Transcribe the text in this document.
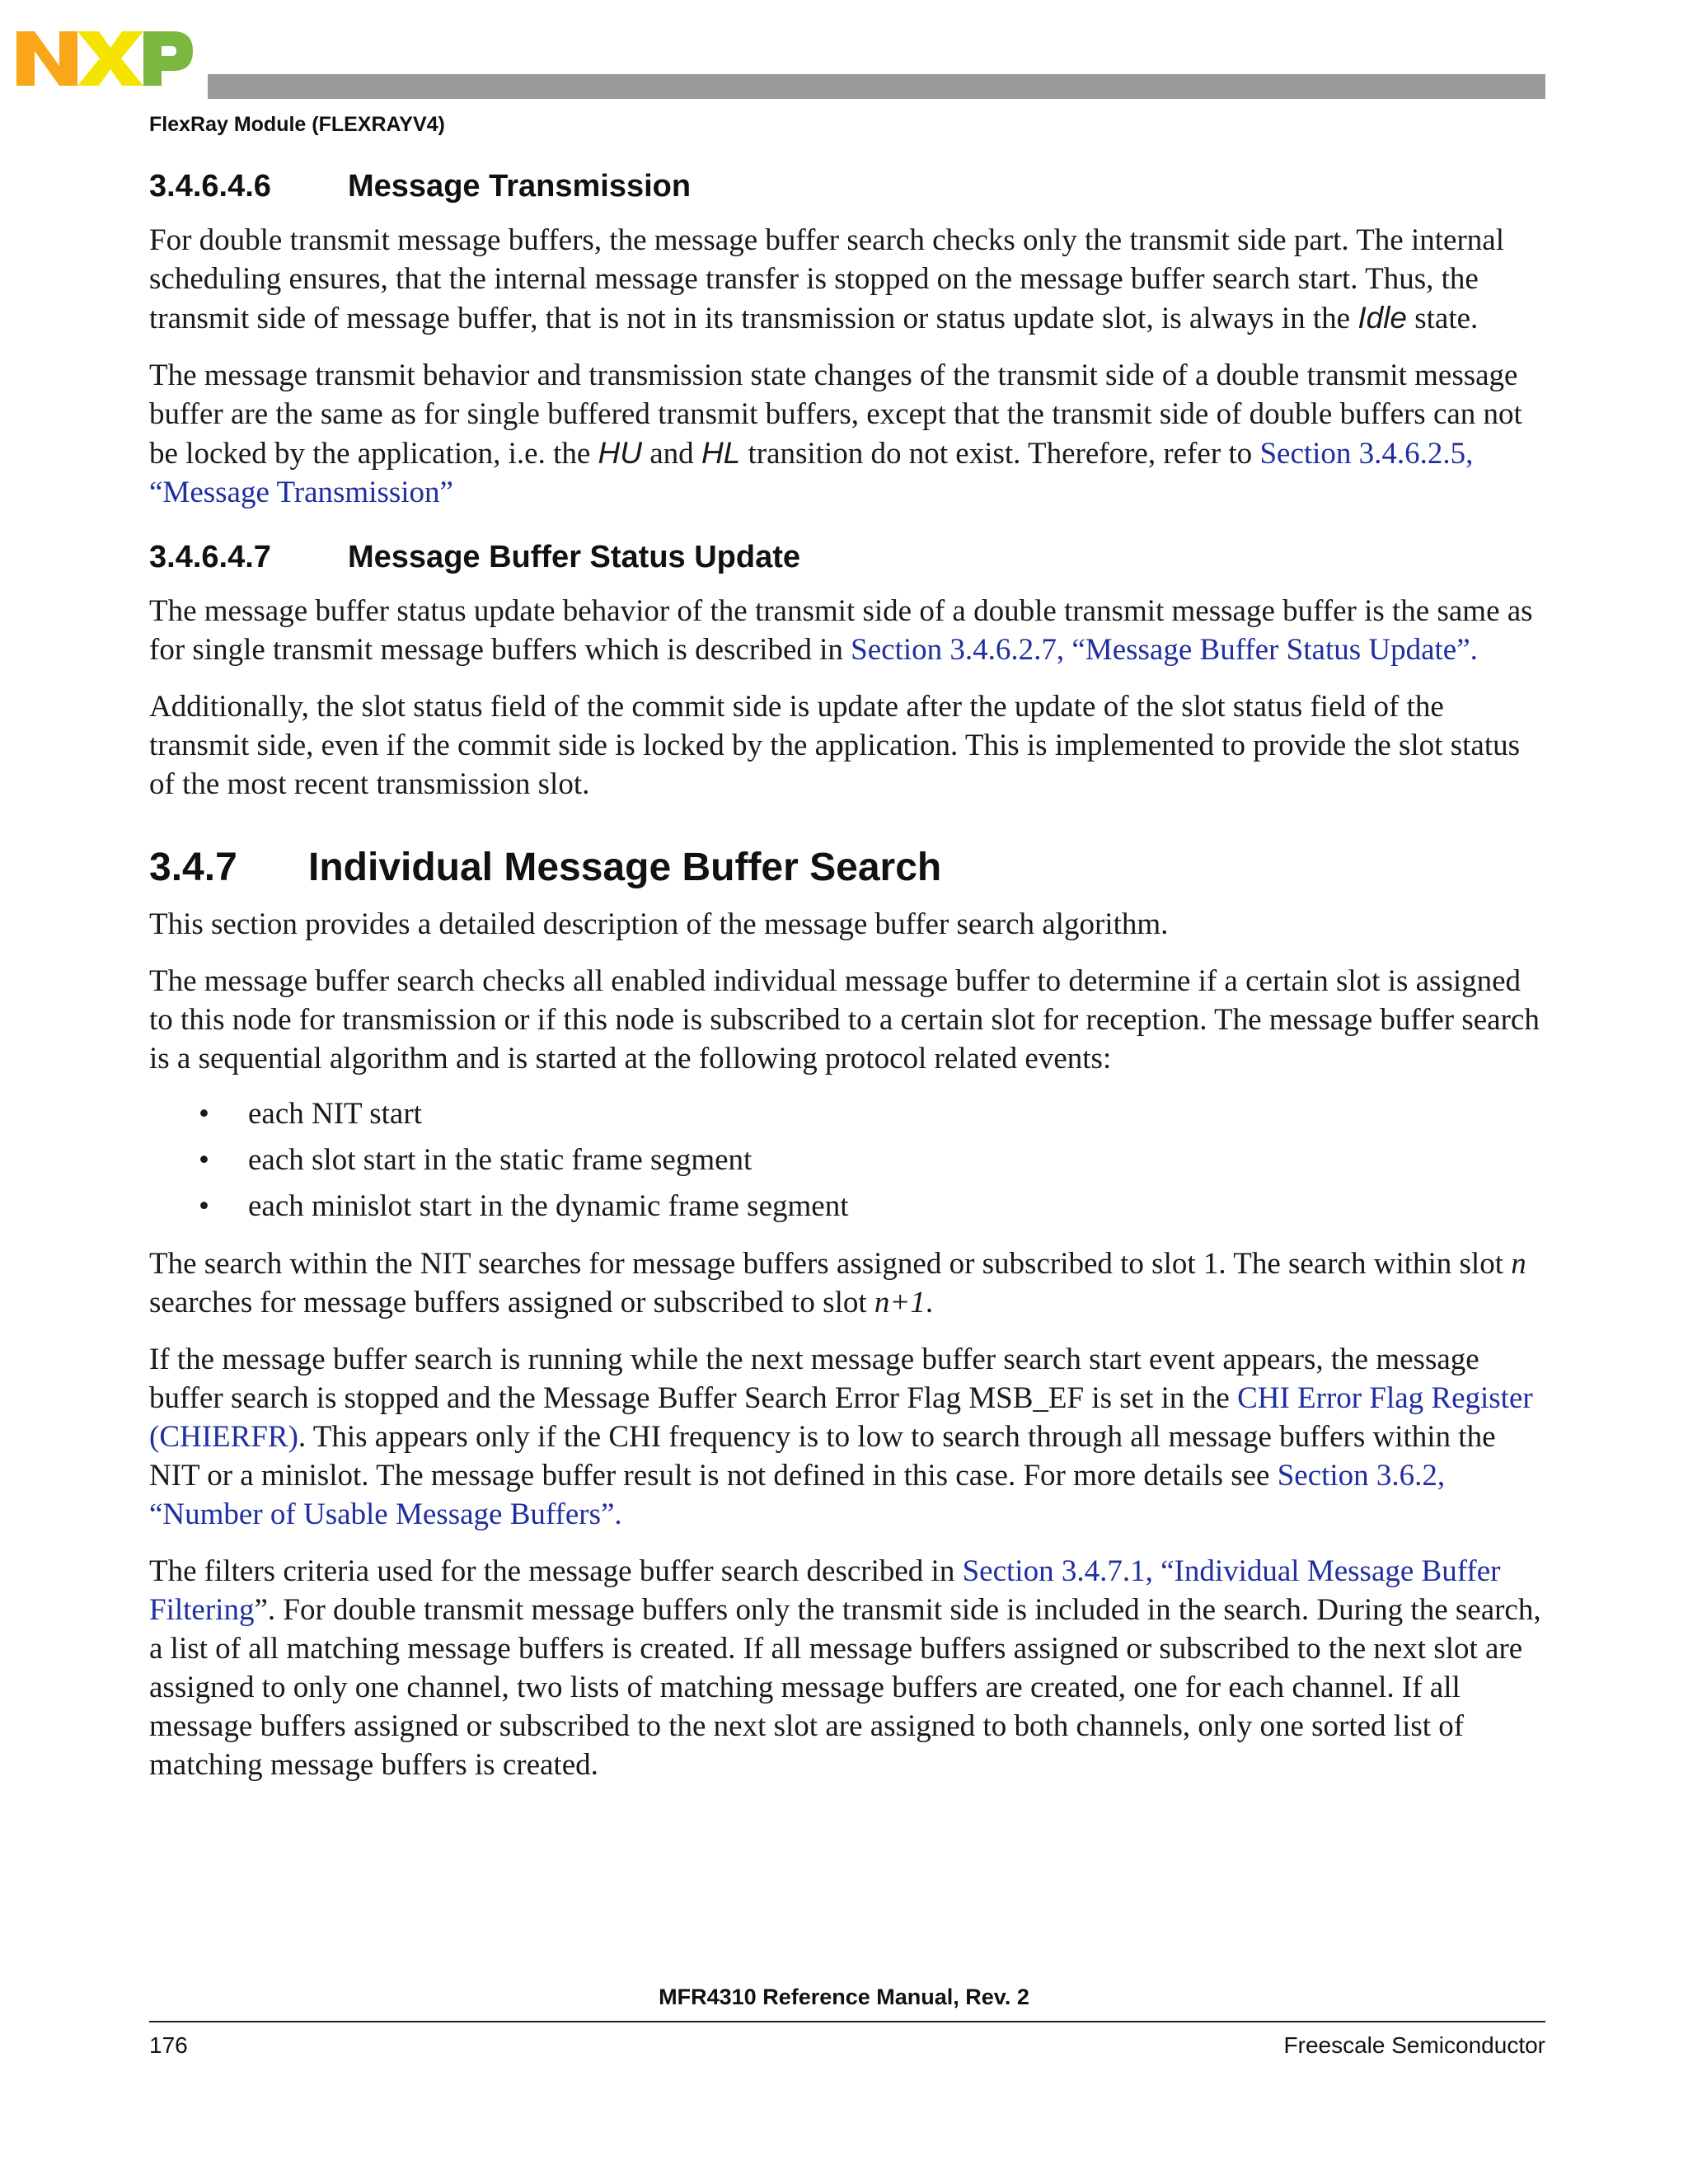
FlexRay Module (FLEXRAYV4)
3.4.6.4.6	Message Transmission

For double transmit message buffers, the message buffer search checks only the transmit side part. The internal scheduling ensures, that the internal message transfer is stopped on the message buffer search start. Thus, the transmit side of message buffer, that is not in its transmission or status update slot, is always in the Idle state.

The message transmit behavior and transmission state changes of the transmit side of a double transmit message buffer are the same as for single buffered transmit buffers, except that the transmit side of double buffers can not be locked by the application, i.e. the HU and HL transition do not exist. Therefore, refer to Section 3.4.6.2.5, “Message Transmission”

3.4.6.4.7	Message Buffer Status Update

The message buffer status update behavior of the transmit side of a double transmit message buffer is the same as for single transmit message buffers which is described in Section 3.4.6.2.7, “Message Buffer Status Update”.

Additionally, the slot status field of the commit side is update after the update of the slot status field of the transmit side, even if the commit side is locked by the application. This is implemented to provide the slot status of the most recent transmission slot.

3.4.7	Individual Message Buffer Search

This section provides a detailed description of the message buffer search algorithm.

The message buffer search checks all enabled individual message buffer to determine if a certain slot is assigned to this node for transmission or if this node is subscribed to a certain slot for reception. The message buffer search is a sequential algorithm and is started at the following protocol related events:

• each NIT start
• each slot start in the static frame segment
• each minislot start in the dynamic frame segment

The search within the NIT searches for message buffers assigned or subscribed to slot 1. The search within slot n searches for message buffers assigned or subscribed to slot n+1.

If the message buffer search is running while the next message buffer search start event appears, the message buffer search is stopped and the Message Buffer Search Error Flag MSB_EF is set in the CHI Error Flag Register (CHIERFR). This appears only if the CHI frequency is to low to search through all message buffers within the NIT or a minislot. The message buffer result is not defined in this case. For more details see Section 3.6.2, “Number of Usable Message Buffers”.

The filters criteria used for the message buffer search described in Section 3.4.7.1, “Individual Message Buffer Filtering”. For double transmit message buffers only the transmit side is included in the search. During the search, a list of all matching message buffers is created. If all message buffers assigned or subscribed to the next slot are assigned to only one channel, two lists of matching message buffers are created, one for each channel. If all message buffers assigned or subscribed to the next slot are assigned to both channels, only one sorted list of matching message buffers is created.

MFR4310 Reference Manual, Rev. 2
176	Freescale Semiconductor
